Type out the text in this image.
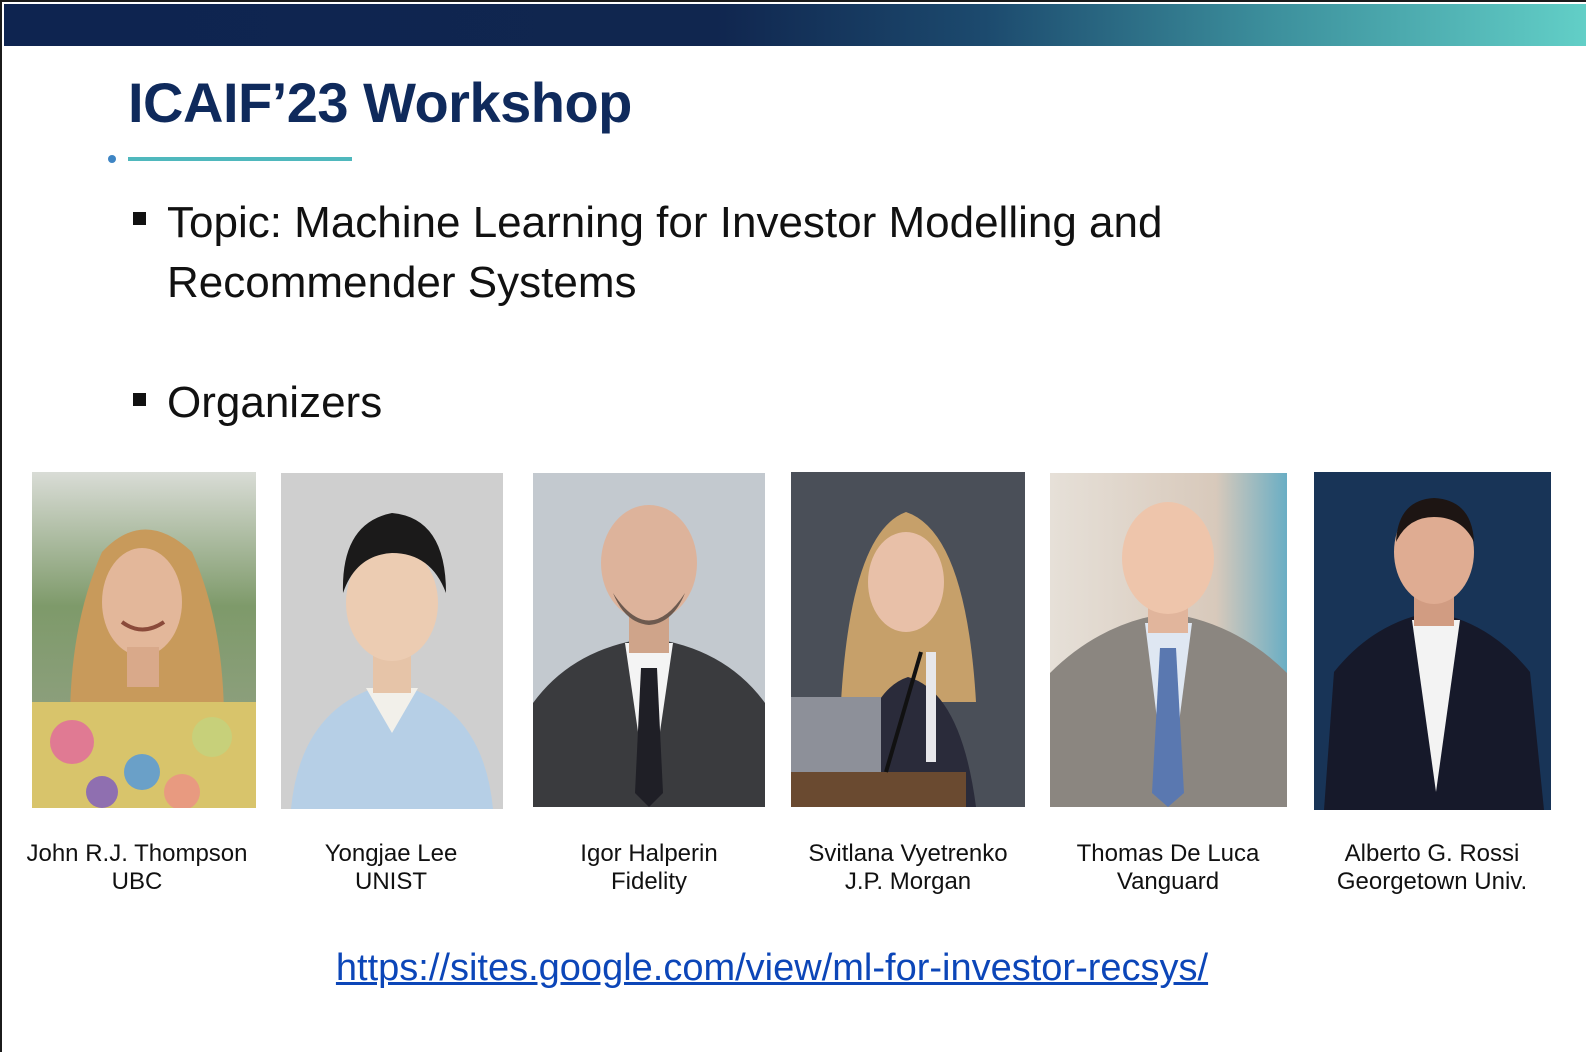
ICAIF’23 Workshop
Topic: Machine Learning for Investor Modelling and
Recommender Systems
Organizers
John R.J. Thompson
UBC
Yongjae Lee
UNIST
Igor Halperin
Fidelity
Svitlana Vyetrenko
J.P. Morgan
Thomas De Luca
Vanguard
Alberto G. Rossi
Georgetown Univ.
https://sites.google.com/view/ml-for-investor-recsys/
